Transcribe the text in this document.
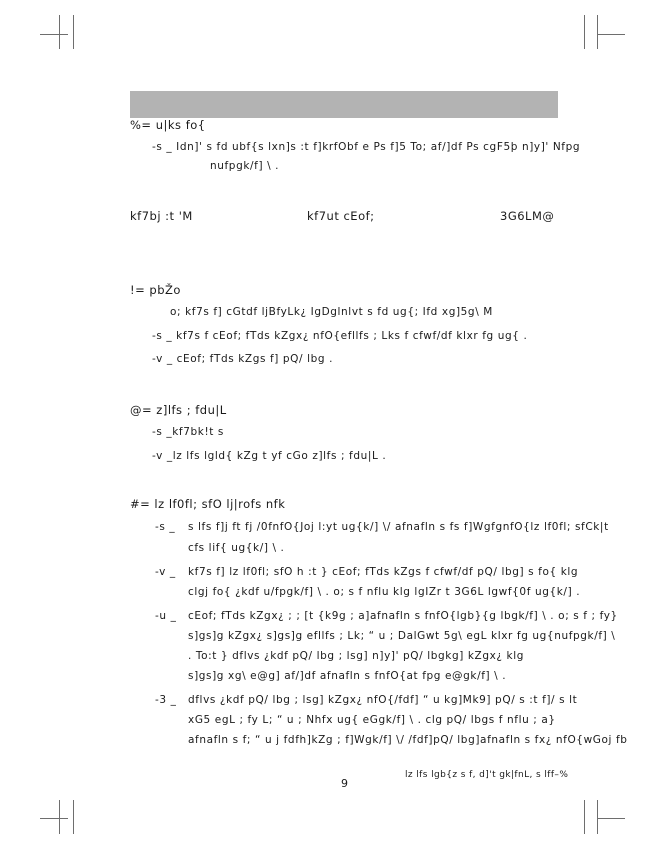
%= u|ks fo{
-s _ Idn]' s fd ubf{s lxn]s :t f]krfObf e Ps f]5 To; af/]df Ps cgF5þ n]y]' Nfpg
nufpgk/f] \ .
kf7bj :t 'M	kf7ut cEof;	3G6LM@
!= pbŽo
o; kf7s f] cGtdf ljBfyLk¿ IgDglnlvt s fd ug{; Ifd xg]5g\ M
-s _ kf7s f cEof; fTds kZgx¿ nfO{efllfs ; Lks f cfwf/df klxr fg ug{ .
-v _ cEof; fTds kZgs f] pQ/ lbg .
@= z]lfs ; fdu|L
-s _kf7bk!t s
-v _lz lfs lgld{ kZg t yf cGo z]lfs ; fdu|L .
#= lz lf0fl; sfO lj|rofs nfk
-s _ s lfs f]j ft fj /0fnfO{Joj l:yt ug{k/] \/ afnafln s fs f]WgfgnfO{lz lf0fl; sfCk|t
cfs lif{ ug{k/] \ .
-v _ kf7s f] lz lf0fl; sfO h :t } cEof; fTds kZgs f cfwf/df pQ/ lbg] s fo{ klg
clgj fo{ ¿kdf u/fpgk/f] \ . o; s f nflu klg lgIZr t 3G6L lgwf{0f ug{k/] .
-u _ cEof; fTds kZgx¿ ; ; [t {k9g ; a]afnafln s fnfO{lgb}{g lbgk/f] \ . o; s f ; fy}
s]gs]g kZgx¿ s]gs]g efllfs ; Lk; “ u ; DalGwt 5g\ egL klxr fg ug{nufpgk/f] \
. To:t } dflvs ¿kdf pQ/ lbg ; lsg] n]y]' pQ/ lbgkg] kZgx¿ klg
s]gs]g xg\ e@g] af/]df afnafln s fnfO{at fpg e@gk/f] \ .
-3 _ dflvs ¿kdf pQ/ lbg ; lsg] kZgx¿ nfO{/fdf] “ u kg]Mk9] pQ/ s :t f]/ s lt
xG5 egL ; fy L; “ u ; Nhfx ug{ eGgk/f] \ . clg pQ/ lbgs f nflu ; a}
afnafln s f; “ u j fdfh]kZg ; f]Wgk/f] \/ /fdf]pQ/ lbg]afnafln s fx¿ nfO{wGoj fb
9
lz lfs lgb{z s f, d]'t gk|fnL, s lff–%
